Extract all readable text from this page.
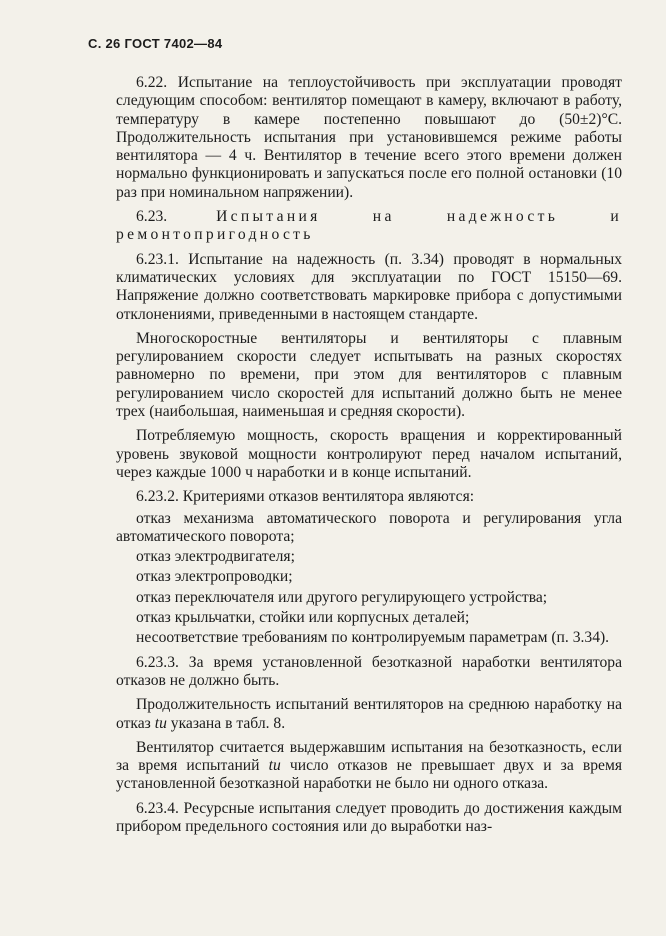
С. 26 ГОСТ 7402—84

6.22. Испытание на теплоустойчивость при эксплуатации проводят следующим способом: вентилятор помещают в камеру, включают в работу, температуру в камере постепенно повышают до (50±2)°С. Продолжительность испытания при установившемся режиме работы вентилятора — 4 ч. Вентилятор в течение всего этого времени должен нормально функционировать и запускаться после его полной остановки (10 раз при номинальном напряжении).

6.23.	Испытания на надежность и ремонтопригодность

6.23.1. Испытание на надежность (п. 3.34) проводят в нормальных климатических условиях для эксплуатации по ГОСТ 15150—69. Напряжение должно соответствовать маркировке прибора с допустимыми отклонениями, приведенными в настоящем стандарте.

Многоскоростные вентиляторы и вентиляторы с плавным регулированием скорости следует испытывать на разных скоростях равномерно по времени, при этом для вентиляторов с плавным регулированием число скоростей для испытаний должно быть не менее трех (наибольшая, наименьшая и средняя скорости).

Потребляемую мощность, скорость вращения и корректированный уровень звуковой мощности контролируют перед началом испытаний, через каждые 1000 ч наработки и в конце испытаний.

6.23.2. Критериями отказов вентилятора являются:

отказ механизма автоматического поворота и регулирования угла автоматического поворота;

отказ электродвигателя;

отказ электропроводки;

отказ переключателя или другого регулирующего устройства;

отказ крыльчатки, стойки или корпусных деталей;

несоответствие требованиям по контролируемым параметрам (п. 3.34).

6.23.3. За время установленной безотказной наработки вентилятора отказов не должно быть.

Продолжительность испытаний вентиляторов на среднюю наработку на отказ tи указана в табл. 8.

Вентилятор считается выдержавшим испытания на безотказность, если за время испытаний tи число отказов не превышает двух и за время установленной безотказной наработки не было ни одного отказа.

6.23.4. Ресурсные испытания следует проводить до достижения каждым прибором предельного состояния или до выработки наз-
